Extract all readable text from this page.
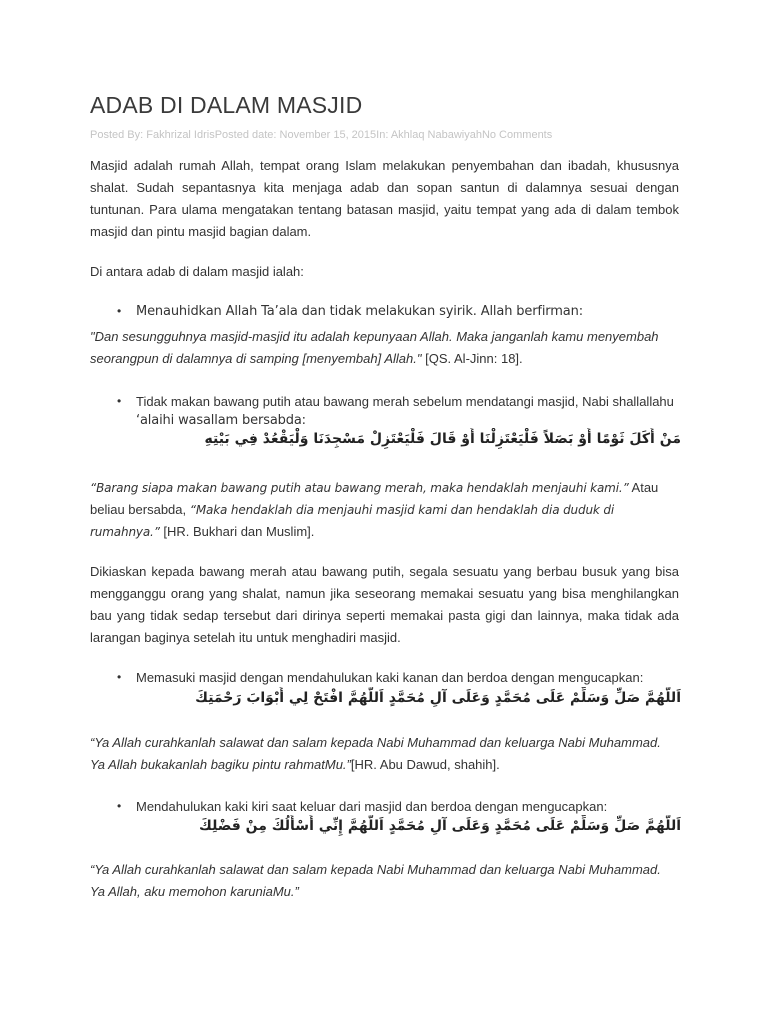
ADAB DI DALAM MASJID
Posted By: Fakhrizal IdrisPosted date: November 15, 2015In: Akhlaq NabawiyahNo Comments
Masjid adalah rumah Allah, tempat orang Islam melakukan penyembahan dan ibadah, khususnya shalat. Sudah sepantasnya kita menjaga adab dan sopan santun di dalamnya sesuai dengan tuntunan. Para ulama mengatakan tentang batasan masjid, yaitu tempat yang ada di dalam tembok masjid dan pintu masjid bagian dalam.
Di antara adab di dalam masjid ialah:
• Menauhidkan Allah Ta’ala dan tidak melakukan syirik. Allah berfirman:
"Dan sesungguhnya masjid-masjid itu adalah kepunyaan Allah. Maka janganlah kamu menyembah seorangpun di dalamnya di samping [menyembah] Allah." [QS. Al-Jinn: 18].
• Tidak makan bawang putih atau bawang merah sebelum mendatangi masjid, Nabi shallallahu
‘alaihi wasallam bersabda:
مَنْ أَكَلَ ثَوْمًا أَوْ بَصَلاً فَلْيَعْتَزِلْنَا أَوْ قَالَ فَلْيَعْتَزِلْ مَسْجِدَنَا وَلْيَقْعُدْ فِي بَيْتِهِ
“Barang siapa makan bawang putih atau bawang merah, maka hendaklah menjauhi kami.” Atau beliau bersabda, “Maka hendaklah dia menjauhi masjid kami dan hendaklah dia duduk di rumahnya.” [HR. Bukhari dan Muslim].
Dikiaskan kepada bawang merah atau bawang putih, segala sesuatu yang berbau busuk yang bisa mengganggu orang yang shalat, namun jika seseorang memakai sesuatu yang bisa menghilangkan bau yang tidak sedap tersebut dari dirinya seperti memakai pasta gigi dan lainnya, maka tidak ada larangan baginya setelah itu untuk menghadiri masjid.
• Memasuki masjid dengan mendahulukan kaki kanan dan berdoa dengan mengucapkan:
اَللَّهُمَّ صَلِّ وَسَلِّمْ عَلَى مُحَمَّدٍ وَعَلَى آلِ مُحَمَّدٍ اَللَّهُمَّ افْتَحْ لِي أَبْوَابَ رَحْمَتِكَ
“Ya Allah curahkanlah salawat dan salam kepada Nabi Muhammad dan keluarga Nabi Muhammad. Ya Allah bukakanlah bagiku pintu rahmatMu.”[HR. Abu Dawud, shahih].
• Mendahulukan kaki kiri saat keluar dari masjid dan berdoa dengan mengucapkan:
اَللَّهُمَّ صَلِّ وَسَلِّمْ عَلَى مُحَمَّدٍ وَعَلَى آلِ مُحَمَّدٍ اَللَّهُمَّ إِنِّي أَسْأَلُكَ مِنْ فَضْلِكَ
“Ya Allah curahkanlah salawat dan salam kepada Nabi Muhammad dan keluarga Nabi Muhammad. Ya Allah, aku memohon karuniaMu.”
